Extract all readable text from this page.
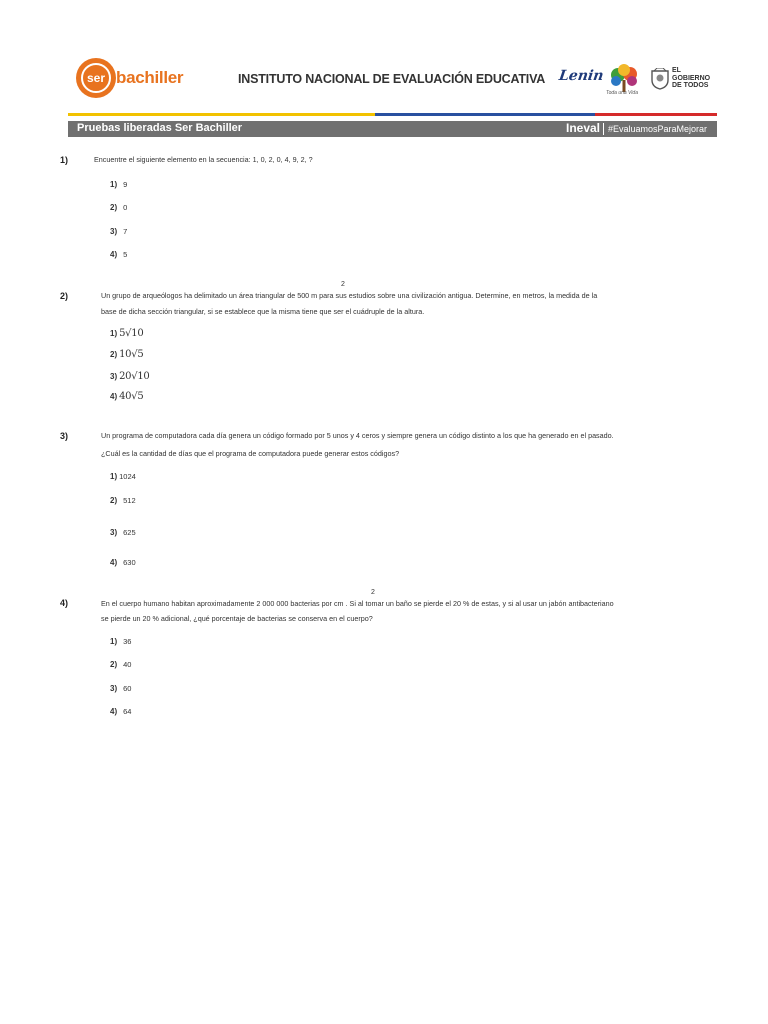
ser bachiller	INSTITUTO NACIONAL DE EVALUACIÓN EDUCATIVA Lenin
Toda una Vida
EL
GOBIERNO
DE TODOS
Pruebas liberadas Ser Bachiller	Ineval #EvaluamosParaMejorar
1)	Encuentre el siguiente elemento en la secuencia: 1, 0, 2, 0, 4, 9, 2, ?
1) 9
2) 0
3) 7
4) 5
2
2)	Un grupo de arqueólogos ha delimitado un área triangular de 500 m para sus estudios sobre una civilización antigua. Determine, en metros, la medida de la
base de dicha sección triangular, si se establece que la misma tiene que ser el cuádruple de la altura.
1) 5√10
2) 10√5
3) 20√10
4) 40√5
3)	Un programa de computadora cada día genera un código formado por 5 unos y 4 ceros y siempre genera un código distinto a los que ha generado en el pasado.
¿Cuál es la cantidad de días que el programa de computadora puede generar estos códigos?
1) 1024
2) 512
3) 625
4) 630
2
4)	En el cuerpo humano habitan aproximadamente 2 000 000 bacterias por cm . Si al tomar un baño se pierde el 20 % de estas, y si al usar un jabón antibacteriano
se pierde un 20 % adicional, ¿qué porcentaje de bacterias se conserva en el cuerpo?
1) 36
2) 40
3) 60
4) 64
